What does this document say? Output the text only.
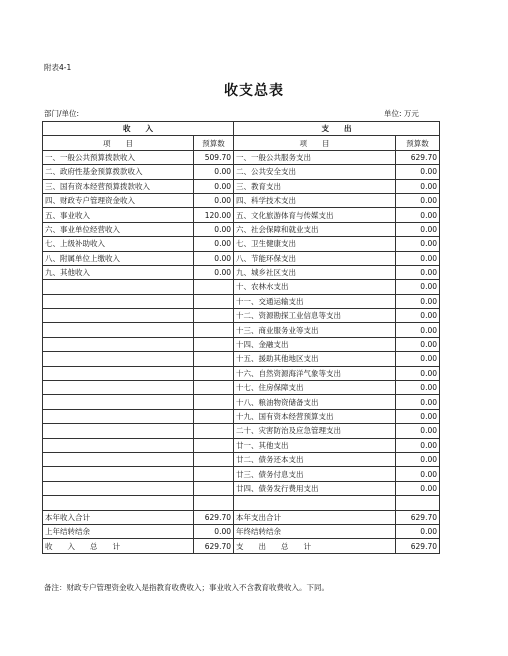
附表4-1
收支总表
部门/单位:	单位: 万元
收　　入		支　　出	
项　　目	预算数	项　　目	预算数
一、一般公共预算拨款收入	509.70	一、一般公共服务支出	629.70
二、政府性基金预算拨款收入	0.00	二、公共安全支出	0.00
三、国有资本经营预算拨款收入	0.00	三、教育支出	0.00
四、财政专户管理资金收入	0.00	四、科学技术支出	0.00
五、事业收入	120.00	五、文化旅游体育与传媒支出	0.00
六、事业单位经营收入	0.00	六、社会保障和就业支出	0.00
七、上级补助收入	0.00	七、卫生健康支出	0.00
八、附属单位上缴收入	0.00	八、节能环保支出	0.00
九、其他收入	0.00	九、城乡社区支出	0.00
		十、农林水支出	0.00
		十一、交通运输支出	0.00
		十二、资源勘探工业信息等支出	0.00
		十三、商业服务业等支出	0.00
		十四、金融支出	0.00
		十五、援助其他地区支出	0.00
		十六、自然资源海洋气象等支出	0.00
		十七、住房保障支出	0.00
		十八、粮油物资储备支出	0.00
		十九、国有资本经营预算支出	0.00
		二十、灾害防治及应急管理支出	0.00
		廿一、其他支出	0.00
		廿二、债务还本支出	0.00
		廿三、债务付息支出	0.00
		廿四、债务发行费用支出	0.00

本年收入合计	629.70	本年支出合计	629.70
上年结转结余	0.00	年终结转结余	0.00
收　　入　　总　　计	629.70	支　　出　　总　　计	629.70
备注：财政专户管理资金收入是指教育收费收入；事业收入不含教育收费收入。下同。
